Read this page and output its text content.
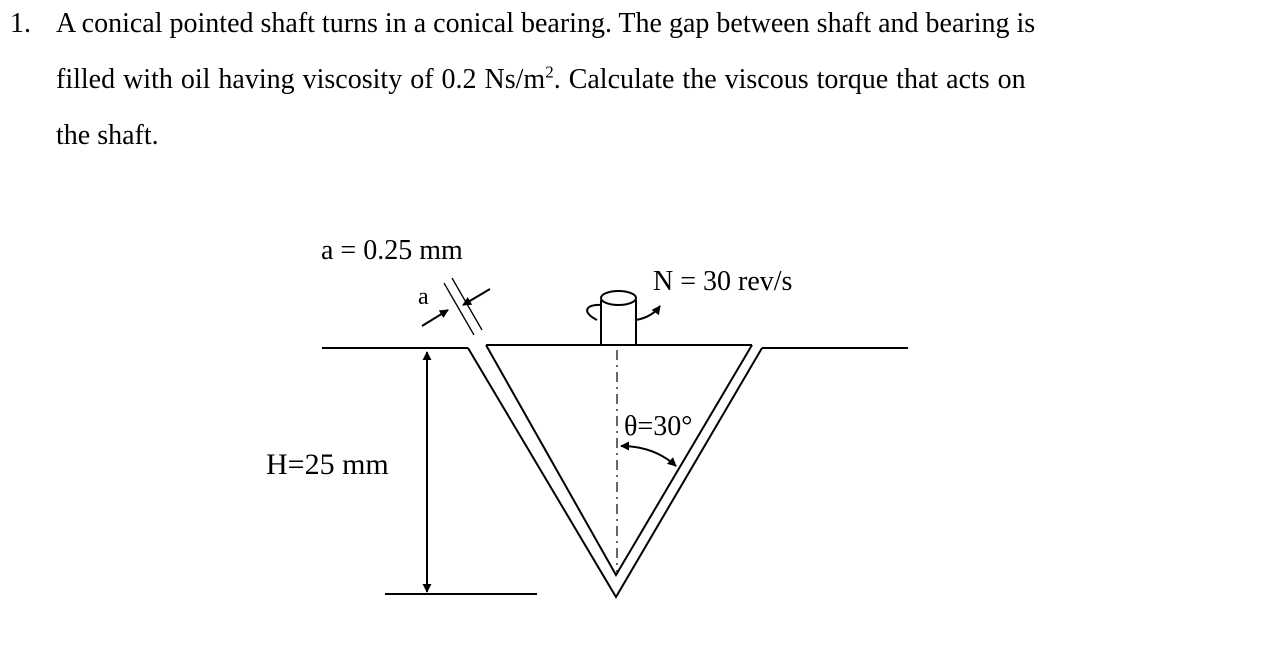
1. A conical pointed shaft turns in a conical bearing. The gap between shaft and bearing is
filled with oil having viscosity of 0.2 $Ns/m^2$. Calculate the viscous torque that acts on
the shaft.
a = 0.25 mm
a	N = 30 rev/s
θ=30°
H=25 mm
